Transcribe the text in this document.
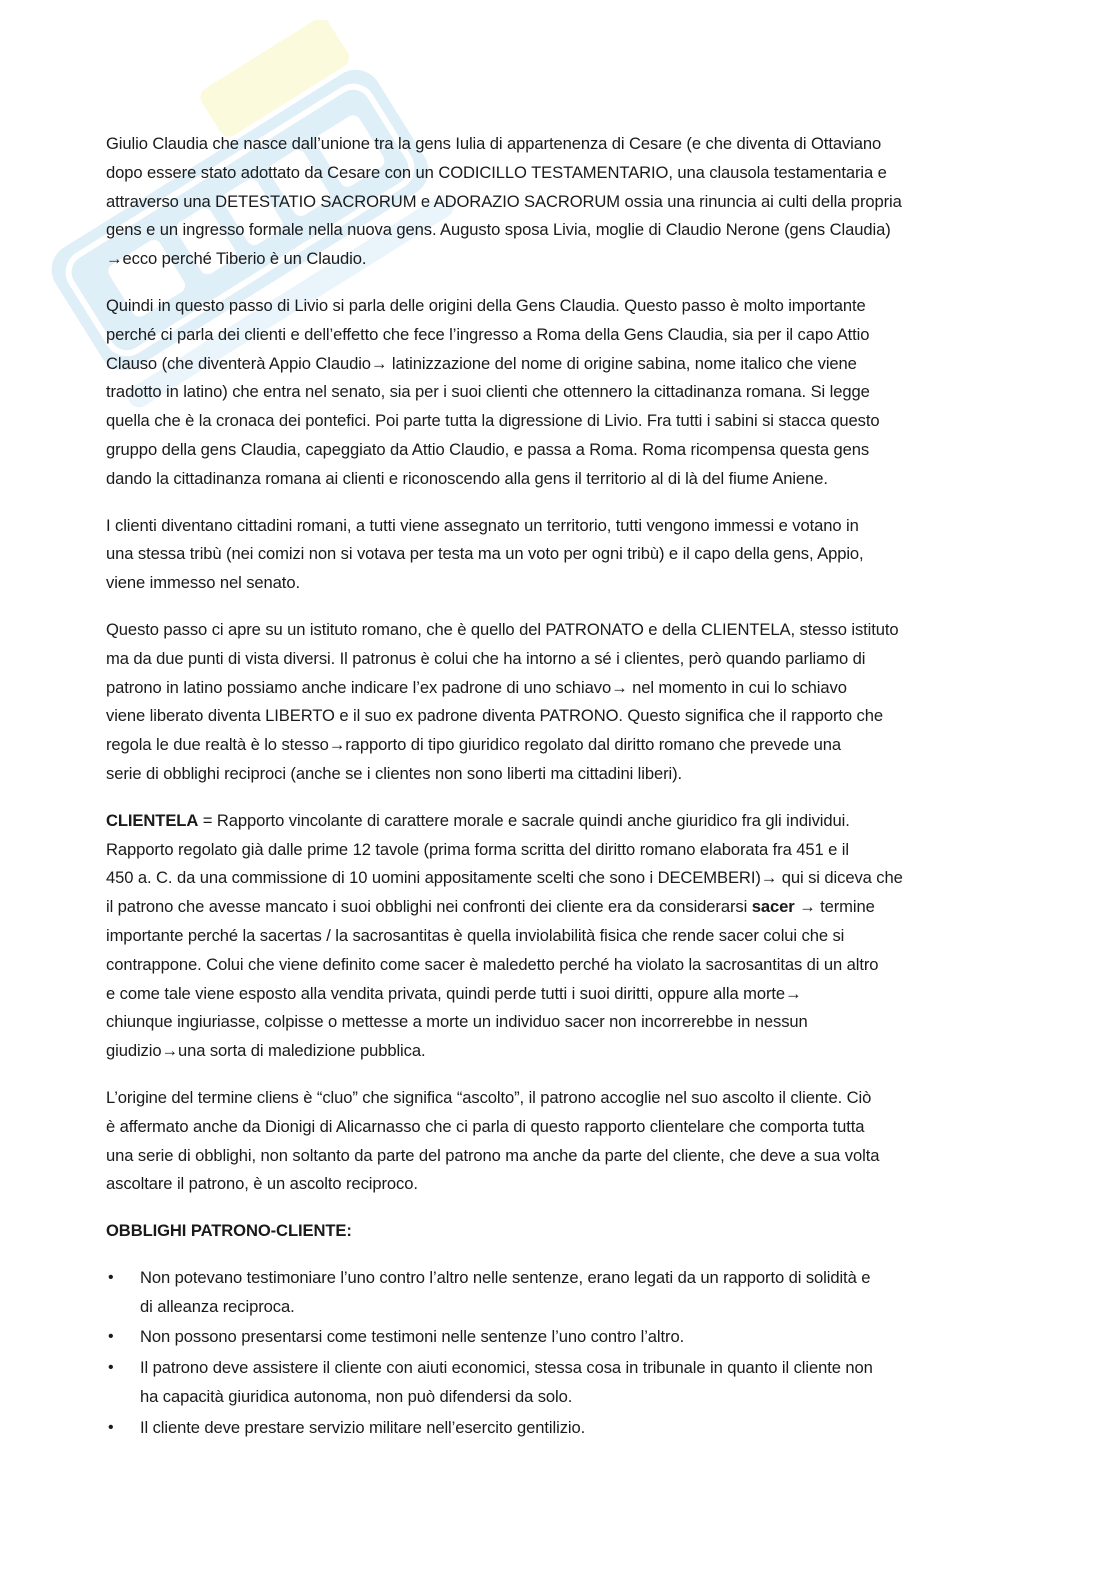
Giulio Claudia che nasce dall’unione tra la gens Iulia di appartenenza di Cesare (e che diventa di Ottaviano
dopo essere stato adottato da Cesare con un CODICILLO TESTAMENTARIO, una clausola testamentaria e
attraverso una DETESTATIO SACRORUM e ADORAZIO SACRORUM ossia una rinuncia ai culti della propria
gens e un ingresso formale nella nuova gens. Augusto sposa Livia, moglie di Claudio Nerone (gens Claudia)
→ecco perché Tiberio è un Claudio.

Quindi in questo passo di Livio si parla delle origini della Gens Claudia. Questo passo è molto importante
perché ci parla dei clienti e dell’effetto che fece l’ingresso a Roma della Gens Claudia, sia per il capo Attio
Clauso (che diventerà Appio Claudio→ latinizzazione del nome di origine sabina, nome italico che viene
tradotto in latino) che entra nel senato, sia per i suoi clienti che ottennero la cittadinanza romana. Si legge
quella che è la cronaca dei pontefici. Poi parte tutta la digressione di Livio. Fra tutti i sabini si stacca questo
gruppo della gens Claudia, capeggiato da Attio Claudio, e passa a Roma. Roma ricompensa questa gens
dando la cittadinanza romana ai clienti e riconoscendo alla gens il territorio al di là del fiume Aniene.

I clienti diventano cittadini romani, a tutti viene assegnato un territorio, tutti vengono immessi e votano in
una stessa tribù (nei comizi non si votava per testa ma un voto per ogni tribù) e il capo della gens, Appio,
viene immesso nel senato.

Questo passo ci apre su un istituto romano, che è quello del PATRONATO e della CLIENTELA, stesso istituto
ma da due punti di vista diversi. Il patronus è colui che ha intorno a sé i clientes, però quando parliamo di
patrono in latino possiamo anche indicare l’ex padrone di uno schiavo→ nel momento in cui lo schiavo
viene liberato diventa LIBERTO e il suo ex padrone diventa PATRONO. Questo significa che il rapporto che
regola le due realtà è lo stesso→rapporto di tipo giuridico regolato dal diritto romano che prevede una
serie di obblighi reciproci (anche se i clientes non sono liberti ma cittadini liberi).

CLIENTELA = Rapporto vincolante di carattere morale e sacrale quindi anche giuridico fra gli individui.
Rapporto regolato già dalle prime 12 tavole (prima forma scritta del diritto romano elaborata fra 451 e il
450 a. C. da una commissione di 10 uomini appositamente scelti che sono i DECEMBERI)→ qui si diceva che
il patrono che avesse mancato i suoi obblighi nei confronti dei cliente era da considerarsi sacer → termine
importante perché la sacertas / la sacrosantitas è quella inviolabilità fisica che rende sacer colui che si
contrappone. Colui che viene definito come sacer è maledetto perché ha violato la sacrosantitas di un altro
e come tale viene esposto alla vendita privata, quindi perde tutti i suoi diritti, oppure alla morte→
chiunque ingiuriasse, colpisse o mettesse a morte un individuo sacer non incorrerebbe in nessun
giudizio→una sorta di maledizione pubblica.

L’origine del termine cliens è “cluo” che significa “ascolto”, il patrono accoglie nel suo ascolto il cliente. Ciò
è affermato anche da Dionigi di Alicarnasso che ci parla di questo rapporto clientelare che comporta tutta
una serie di obblighi, non soltanto da parte del patrono ma anche da parte del cliente, che deve a sua volta
ascoltare il patrono, è un ascolto reciproco.

OBBLIGHI PATRONO-CLIENTE:

• Non potevano testimoniare l’uno contro l’altro nelle sentenze, erano legati da un rapporto di solidità e
di alleanza reciproca.
• Non possono presentarsi come testimoni nelle sentenze l’uno contro l’altro.
• Il patrono deve assistere il cliente con aiuti economici, stessa cosa in tribunale in quanto il cliente non
ha capacità giuridica autonoma, non può difendersi da solo.
• Il cliente deve prestare servizio militare nell’esercito gentilizio.
